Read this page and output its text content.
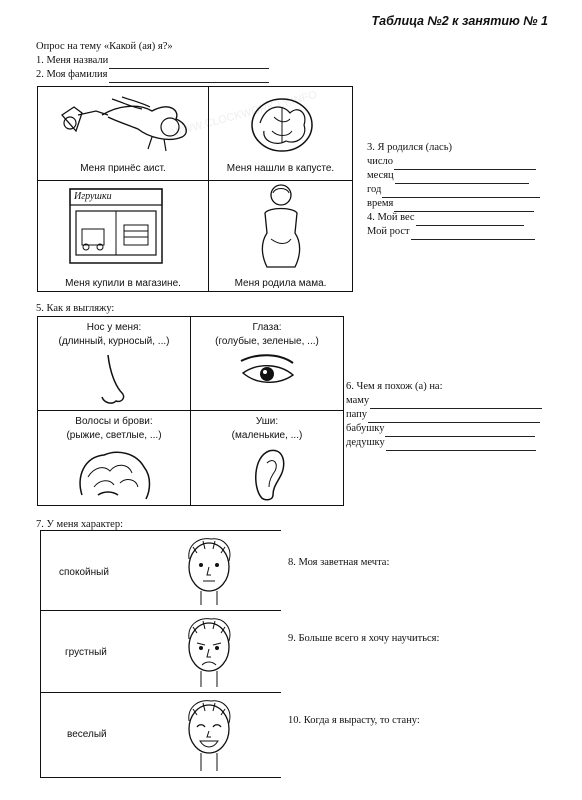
WWW.CLOCKWORK.LY.INFO
Таблица №2 к занятию № 1
Опрос на тему «Какой (ая) я?»
1. Меня назвали
2. Моя фамилия
Меня принёс аист.	Меня нашли в капусте.
Игрушки
Меня купили в магазине.	Меня родила мама.
3. Я родился (лась)
число
месяц
год
время
4. Мой вес
Мой рост
5. Как я выгляжу:
Нос у меня:
(длинный, курносый, ...)
Глаза:
(голубые, зеленые, ...)
Волосы и брови:
(рыжие, светлые, ...)
Уши:
(маленькие, ...)
6. Чем я похож (а) на:
маму
папу
бабушку
дедушку
7. У меня характер:
спокойный
грустный
веселый
8. Моя заветная мечта:
9. Больше всего я хочу научиться:
10. Когда я вырасту, то стану:
